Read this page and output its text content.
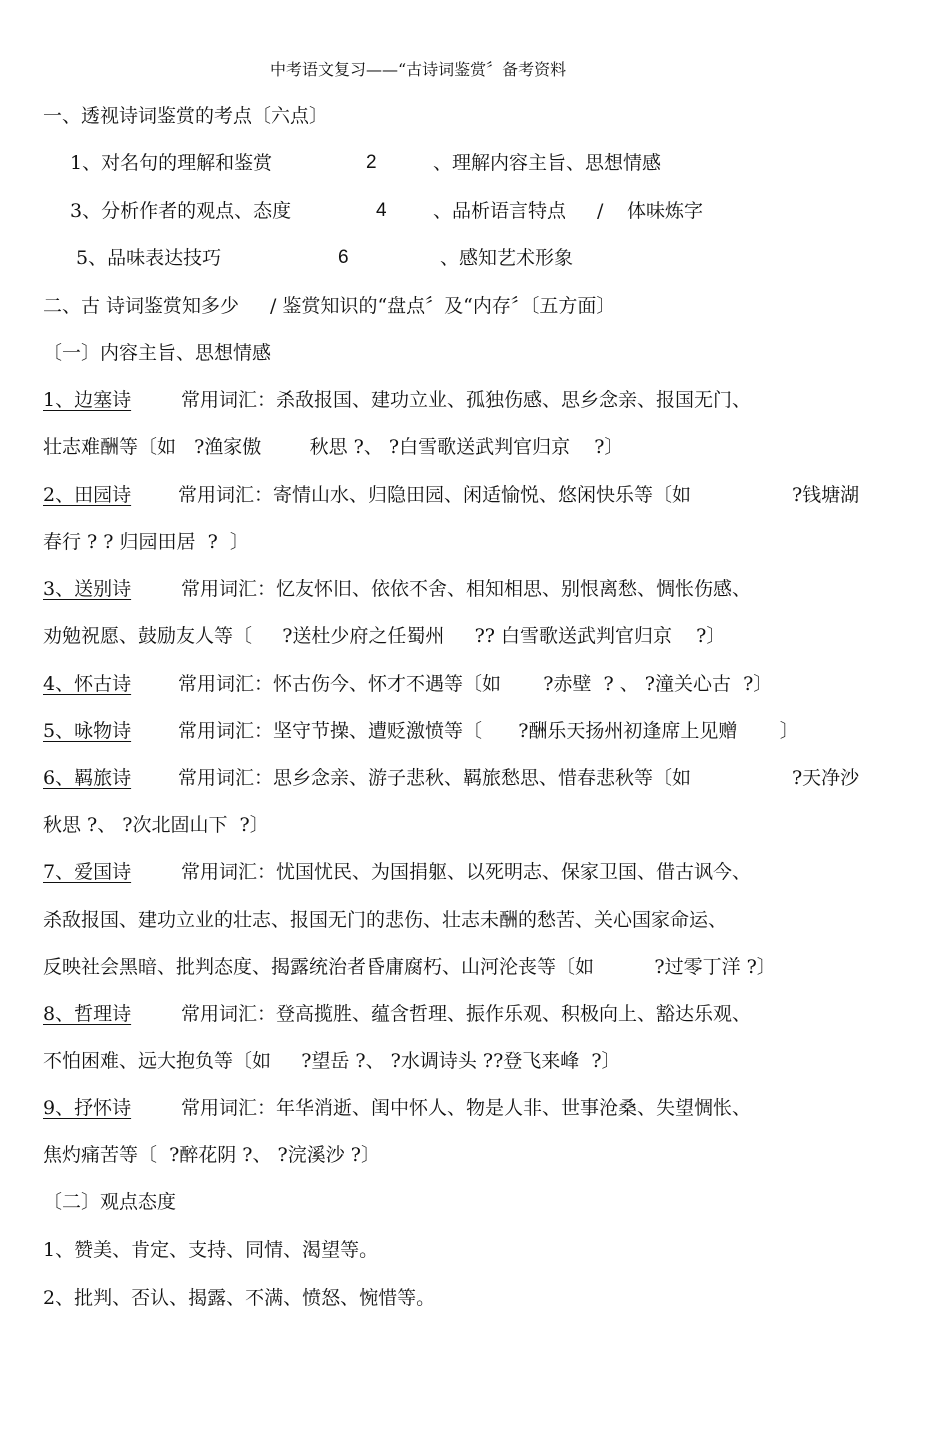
中考语文复习——“古诗词鉴赏〞备考资料
一、透视诗词鉴赏的考点〔六点〕
1、对名句的理解和鉴赏	2	、理解内容主旨、思想情感
3、分析作者的观点、态度	4 、品析语言特点 / 体味炼字
5、品味表达技巧	6	、感知艺术形象
二、古 诗词鉴赏知多少 / 鉴赏知识的“盘点〞及“内存〞〔五方面〕
〔一〕内容主旨、思想情感
1、边塞诗	常用词汇：杀敌报国、建功立业、孤独伤感、思乡念亲、报国无门、
壮志难酬等〔如   ?渔家傲        秋思 ?、 ?白雪歌送武判官归京    ?〕
2、田园诗 常用词汇：寄情山水、归隐田园、闲适愉悦、悠闲快乐等〔如	?钱塘湖
春行 ? ? 归园田居  ?  〕
3、送别诗	常用词汇：忆友怀旧、依依不舍、相知相思、别恨离愁、惆怅伤感、
劝勉祝愿、鼓励友人等〔     ?送杜少府之任蜀州     ?? 白雪歌送武判官归京    ?〕
4、怀古诗 常用词汇：怀古伤今、怀才不遇等〔如       ?赤壁  ? 、 ?潼关心古  ?〕
5、咏物诗 常用词汇：坚守节操、遭贬激愤等〔      ?酬乐天扬州初逢席上见赠       〕
6、羁旅诗 常用词汇：思乡念亲、游子悲秋、羁旅愁思、惜春悲秋等〔如	?天净沙
秋思 ?、 ?次北固山下  ?〕
7、爱国诗	常用词汇：忧国忧民、为国捐躯、以死明志、保家卫国、借古讽今、
杀敌报国、建功立业的壮志、报国无门的悲伤、壮志未酬的愁苦、关心国家命运、
反映社会黑暗、批判态度、揭露统治者昏庸腐朽、山河沦丧等〔如          ?过零丁洋 ?〕
8、哲理诗	常用词汇：登高揽胜、蕴含哲理、振作乐观、积极向上、豁达乐观、
不怕困难、远大抱负等〔如     ?望岳 ?、 ?水调诗头 ??登飞来峰  ?〕
9、抒怀诗	常用词汇：年华消逝、闺中怀人、物是人非、世事沧桑、失望惆怅、
焦灼痛苦等〔  ?醉花阴 ?、 ?浣溪沙 ?〕
〔二〕观点态度
1、赞美、肯定、支持、同情、渴望等。
2、批判、否认、揭露、不满、愤怒、惋惜等。
